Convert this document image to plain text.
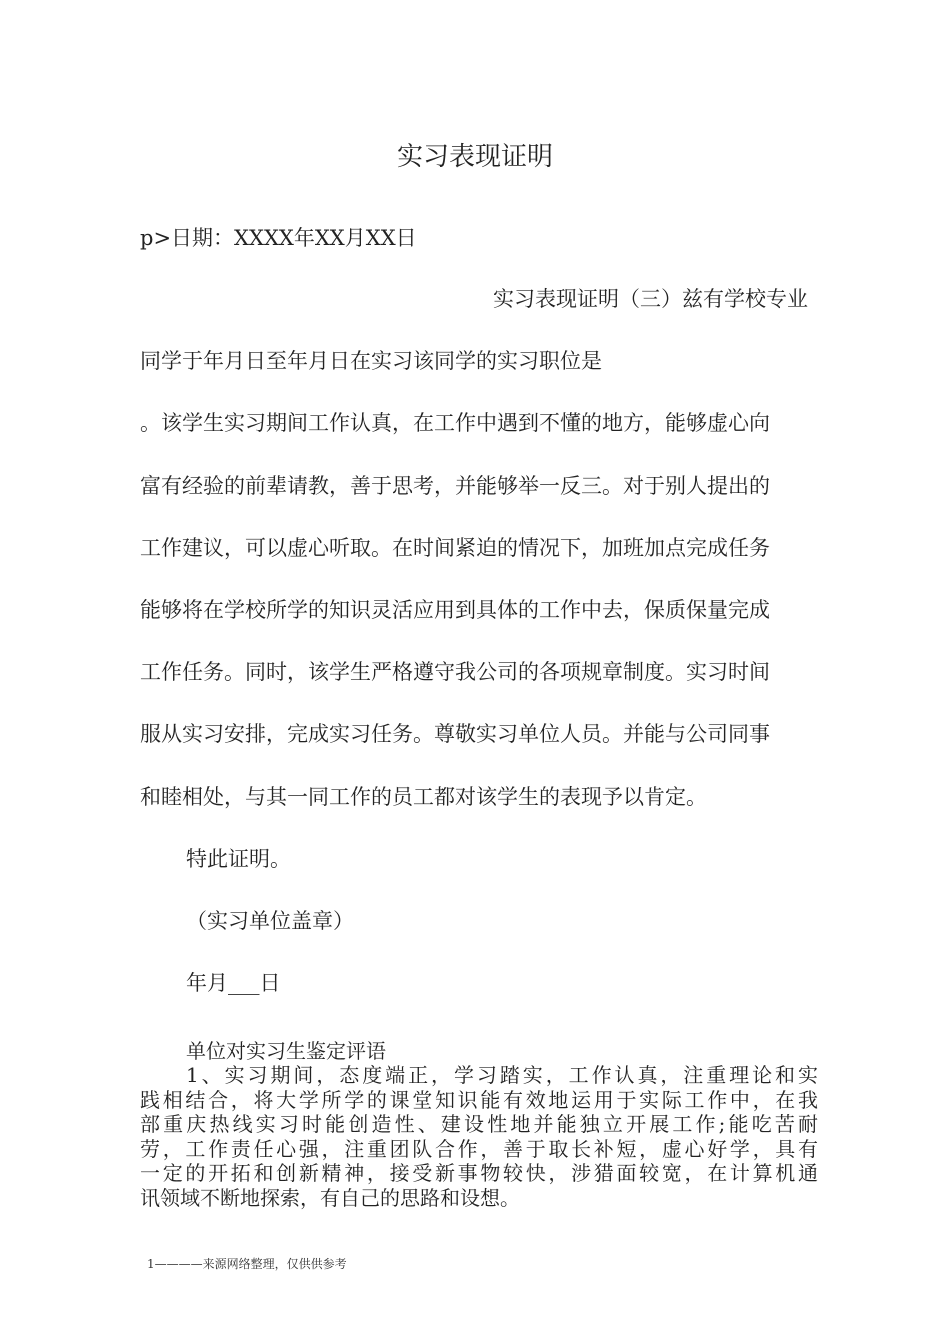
实习表现证明
p>日期：XXXX年XX月XX日
实习表现证明（三）兹有学校专业
同学于年月日至年月日在实习该同学的实习职位是
。该学生实习期间工作认真，在工作中遇到不懂的地方，能够虚心向
富有经验的前辈请教，善于思考，并能够举一反三。对于别人提出的
工作建议，可以虚心听取。在时间紧迫的情况下，加班加点完成任务
能够将在学校所学的知识灵活应用到具体的工作中去，保质保量完成
工作任务。同时，该学生严格遵守我公司的各项规章制度。实习时间
服从实习安排，完成实习任务。尊敬实习单位人员。并能与公司同事
和睦相处，与其一同工作的员工都对该学生的表现予以肯定。
特此证明。
（实习单位盖章）
年月___日
单位对实习生鉴定评语
1、实习期间，态度端正，学习踏实，工作认真，注重理论和实
践相结合，将大学所学的课堂知识能有效地运用于实际工作中，在我
部重庆热线实习时能创造性、建设性地并能独立开展工作;能吃苦耐
劳，工作责任心强，注重团队合作，善于取长补短，虚心好学，具有
一定的开拓和创新精神，接受新事物较快，涉猎面较宽，在计算机通
讯领域不断地探索，有自己的思路和设想。
1————来源网络整理，仅供供参考
